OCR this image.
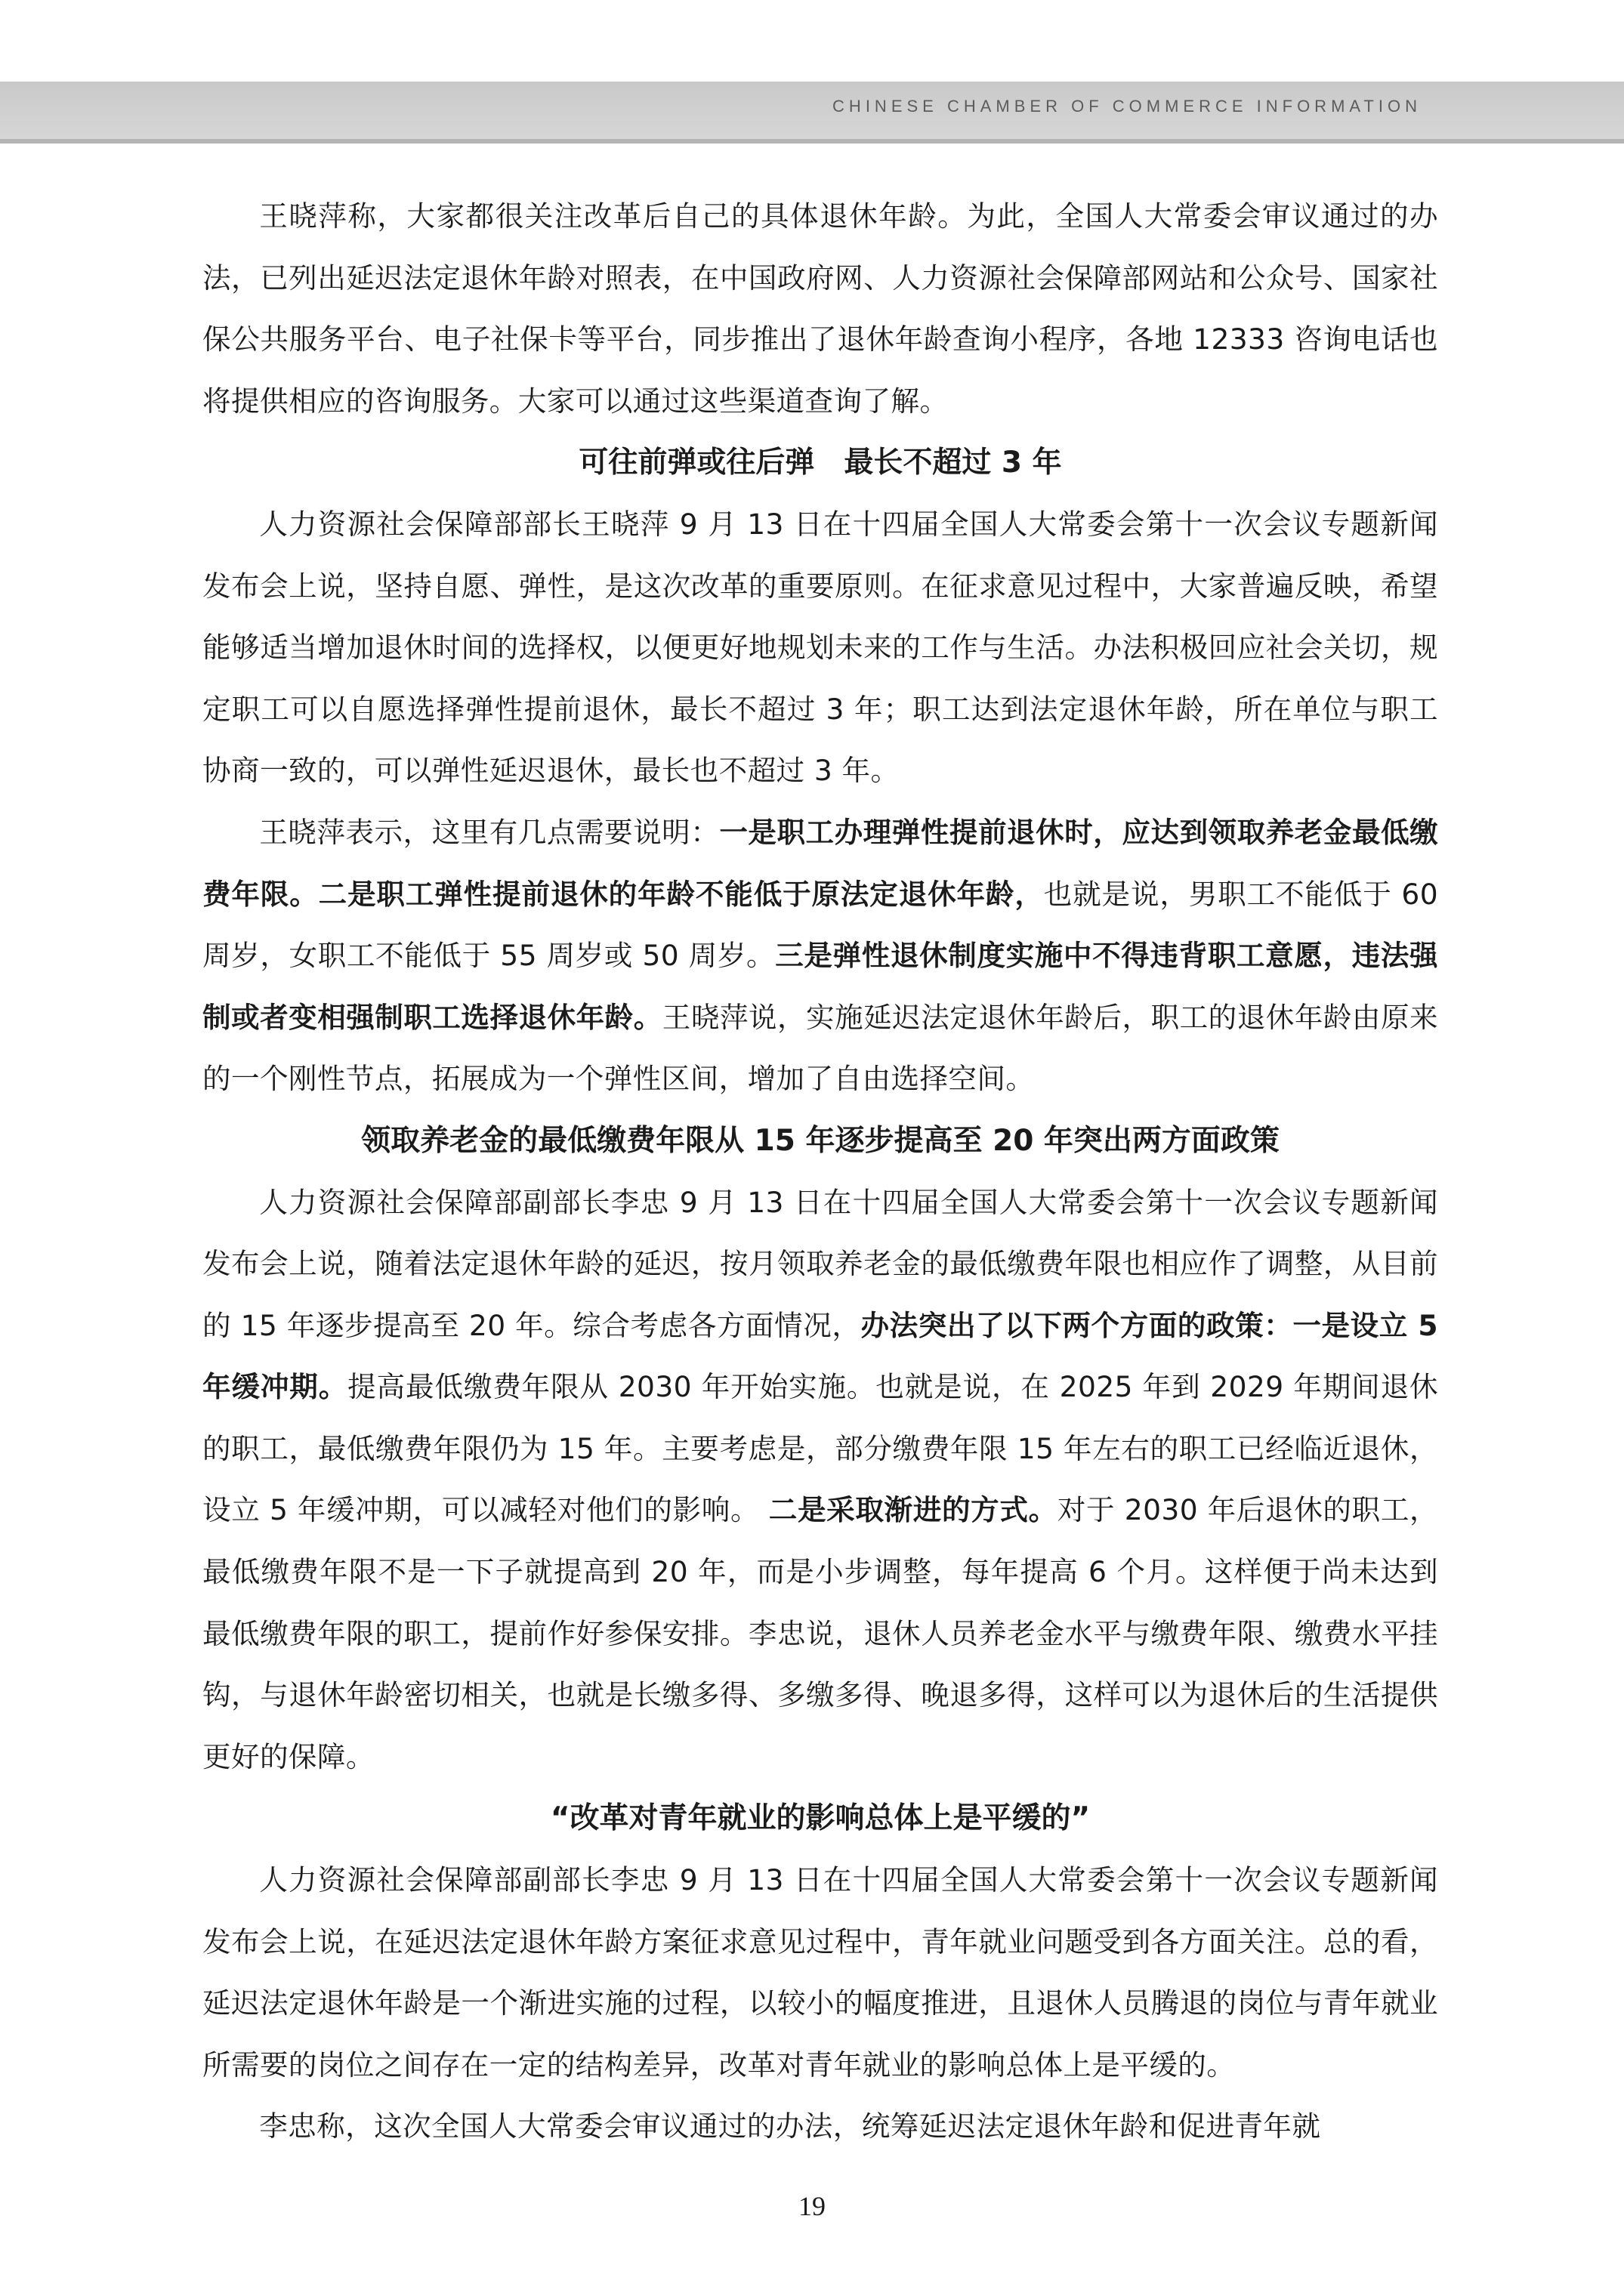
CHINESE CHAMBER OF COMMERCE INFORMATION

王晓萍称，大家都很关注改革后自己的具体退休年龄。为此，全国人大常委会审议通过的办法，已列出延迟法定退休年龄对照表，在中国政府网、人力资源社会保障部网站和公众号、国家社保公共服务平台、电子社保卡等平台，同步推出了退休年龄查询小程序，各地 12333 咨询电话也将提供相应的咨询服务。大家可以通过这些渠道查询了解。

可往前弹或往后弹　最长不超过 3 年

人力资源社会保障部部长王晓萍 9 月 13 日在十四届全国人大常委会第十一次会议专题新闻发布会上说，坚持自愿、弹性，是这次改革的重要原则。在征求意见过程中，大家普遍反映，希望能够适当增加退休时间的选择权，以便更好地规划未来的工作与生活。办法积极回应社会关切，规定职工可以自愿选择弹性提前退休，最长不超过 3 年；职工达到法定退休年龄，所在单位与职工协商一致的，可以弹性延迟退休，最长也不超过 3 年。

王晓萍表示，这里有几点需要说明：一是职工办理弹性提前退休时，应达到领取养老金最低缴费年限。二是职工弹性提前退休的年龄不能低于原法定退休年龄，也就是说，男职工不能低于 60 周岁，女职工不能低于 55 周岁或 50 周岁。三是弹性退休制度实施中不得违背职工意愿，违法强制或者变相强制职工选择退休年龄。王晓萍说，实施延迟法定退休年龄后，职工的退休年龄由原来的一个刚性节点，拓展成为一个弹性区间，增加了自由选择空间。

领取养老金的最低缴费年限从 15 年逐步提高至 20 年突出两方面政策

人力资源社会保障部副部长李忠 9 月 13 日在十四届全国人大常委会第十一次会议专题新闻发布会上说，随着法定退休年龄的延迟，按月领取养老金的最低缴费年限也相应作了调整，从目前的 15 年逐步提高至 20 年。综合考虑各方面情况，办法突出了以下两个方面的政策：一是设立 5 年缓冲期。提高最低缴费年限从 2030 年开始实施。也就是说，在 2025 年到 2029 年期间退休的职工，最低缴费年限仍为 15 年。主要考虑是，部分缴费年限 15 年左右的职工已经临近退休，设立 5 年缓冲期，可以减轻对他们的影响。 二是采取渐进的方式。对于 2030 年后退休的职工，最低缴费年限不是一下子就提高到 20 年，而是小步调整，每年提高 6 个月。这样便于尚未达到最低缴费年限的职工，提前作好参保安排。李忠说，退休人员养老金水平与缴费年限、缴费水平挂钩，与退休年龄密切相关，也就是长缴多得、多缴多得、晚退多得，这样可以为退休后的生活提供更好的保障。

“改革对青年就业的影响总体上是平缓的”

人力资源社会保障部副部长李忠 9 月 13 日在十四届全国人大常委会第十一次会议专题新闻发布会上说，在延迟法定退休年龄方案征求意见过程中，青年就业问题受到各方面关注。总的看，延迟法定退休年龄是一个渐进实施的过程，以较小的幅度推进，且退休人员腾退的岗位与青年就业所需要的岗位之间存在一定的结构差异，改革对青年就业的影响总体上是平缓的。

李忠称，这次全国人大常委会审议通过的办法，统筹延迟法定退休年龄和促进青年就

19
